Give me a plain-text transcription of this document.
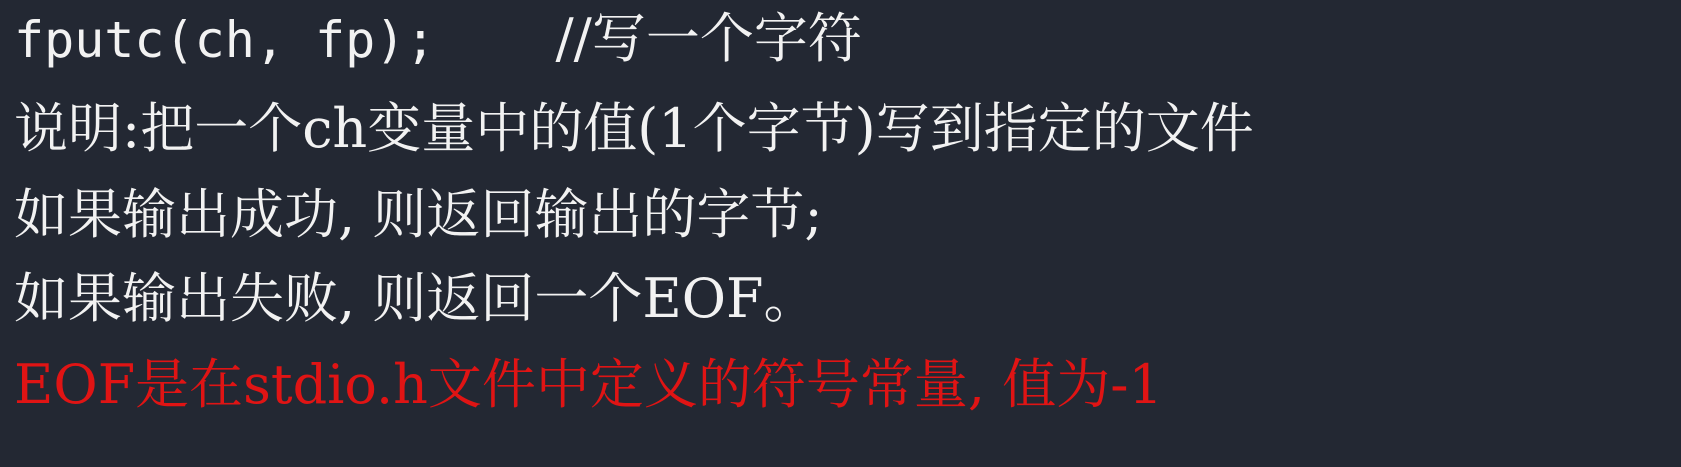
fputc(ch, fp); //写一个字符
说明:把一个ch变量中的值(1个字节)写到指定的文件
如果输出成功, 则返回输出的字节;
如果输出失败, 则返回一个EOF。
EOF是在stdio.h文件中定义的符号常量, 值为-1
